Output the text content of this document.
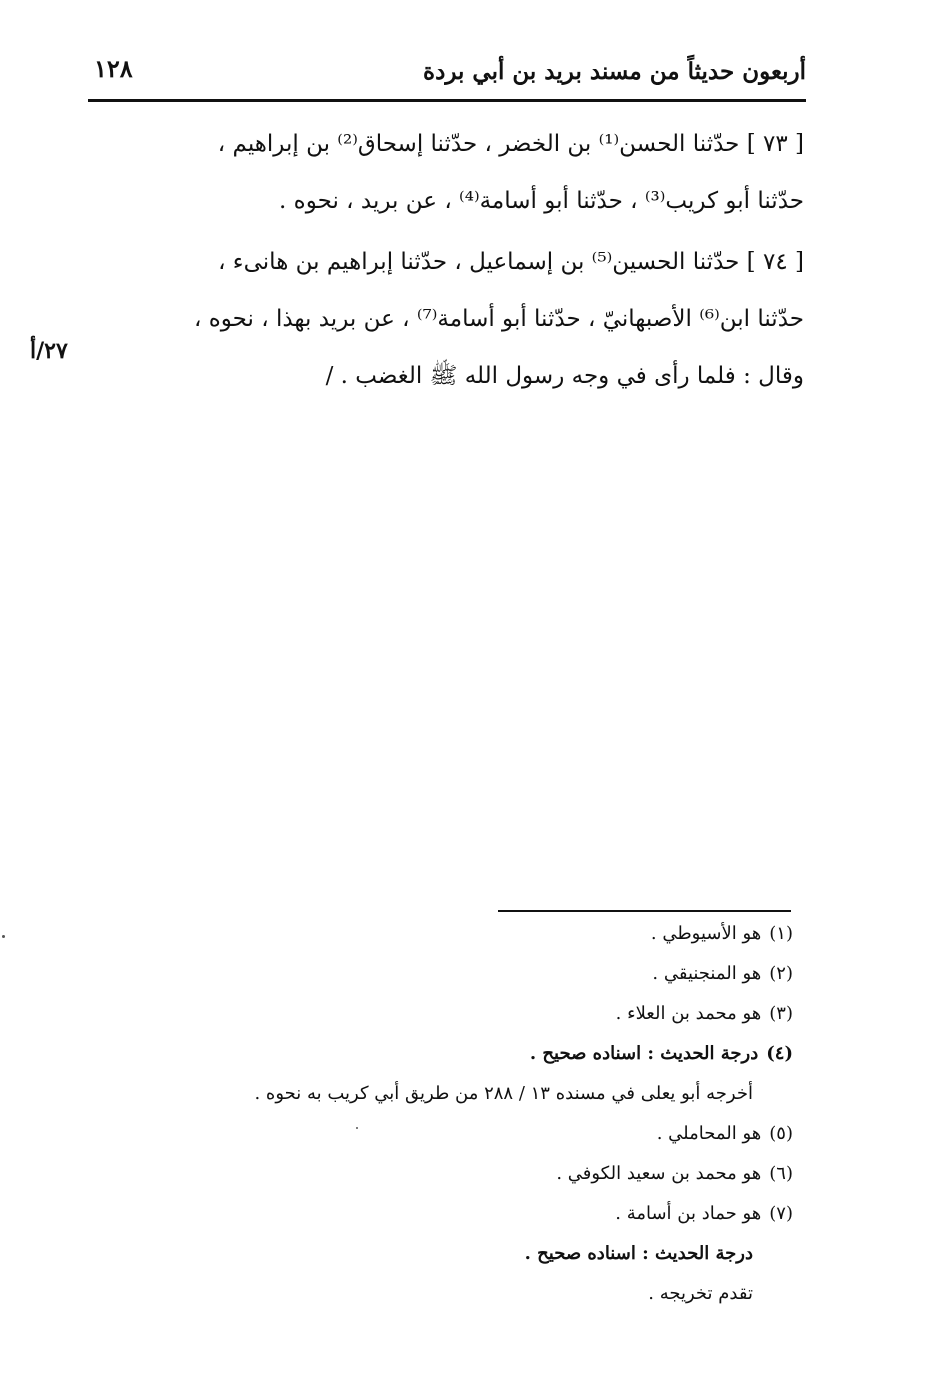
أربعون حديثاً من مسند بريد بن أبي بردة
١٢٨
[ ٧٣ ] حدّثنا الحسن⁽¹⁾ بن الخضر ، حدّثنا إسحاق⁽²⁾ بن إبراهيم ،
حدّثنا أبو كريب⁽³⁾ ، حدّثنا أبو أسامة⁽⁴⁾ ، عن بريد ، نحوه .
[ ٧٤ ] حدّثنا الحسين⁽⁵⁾ بن إسماعيل ، حدّثنا إبراهيم بن هانىء ،
حدّثنا ابن⁽⁶⁾ الأصبهانيّ ، حدّثنا أبو أسامة⁽⁷⁾ ، عن بريد بهذا ، نحوه ،
وقال : فلما رأى في وجه رسول الله ﷺ الغضب . /
٢٧/أ
(١)هو الأسيوطي .
(٢)هو المنجنيقي .
(٣)هو محمد بن العلاء .
(٤)درجة الحديث : اسناده صحيح .
أخرجه أبو يعلى في مسنده ١٣ / ٢٨٨ من طريق أبي كريب به نحوه .
(٥)هو المحاملي .
(٦)هو محمد بن سعيد الكوفي .
(٧)هو حماد بن أسامة .
درجة الحديث : اسناده صحيح .
تقدم تخريجه .
